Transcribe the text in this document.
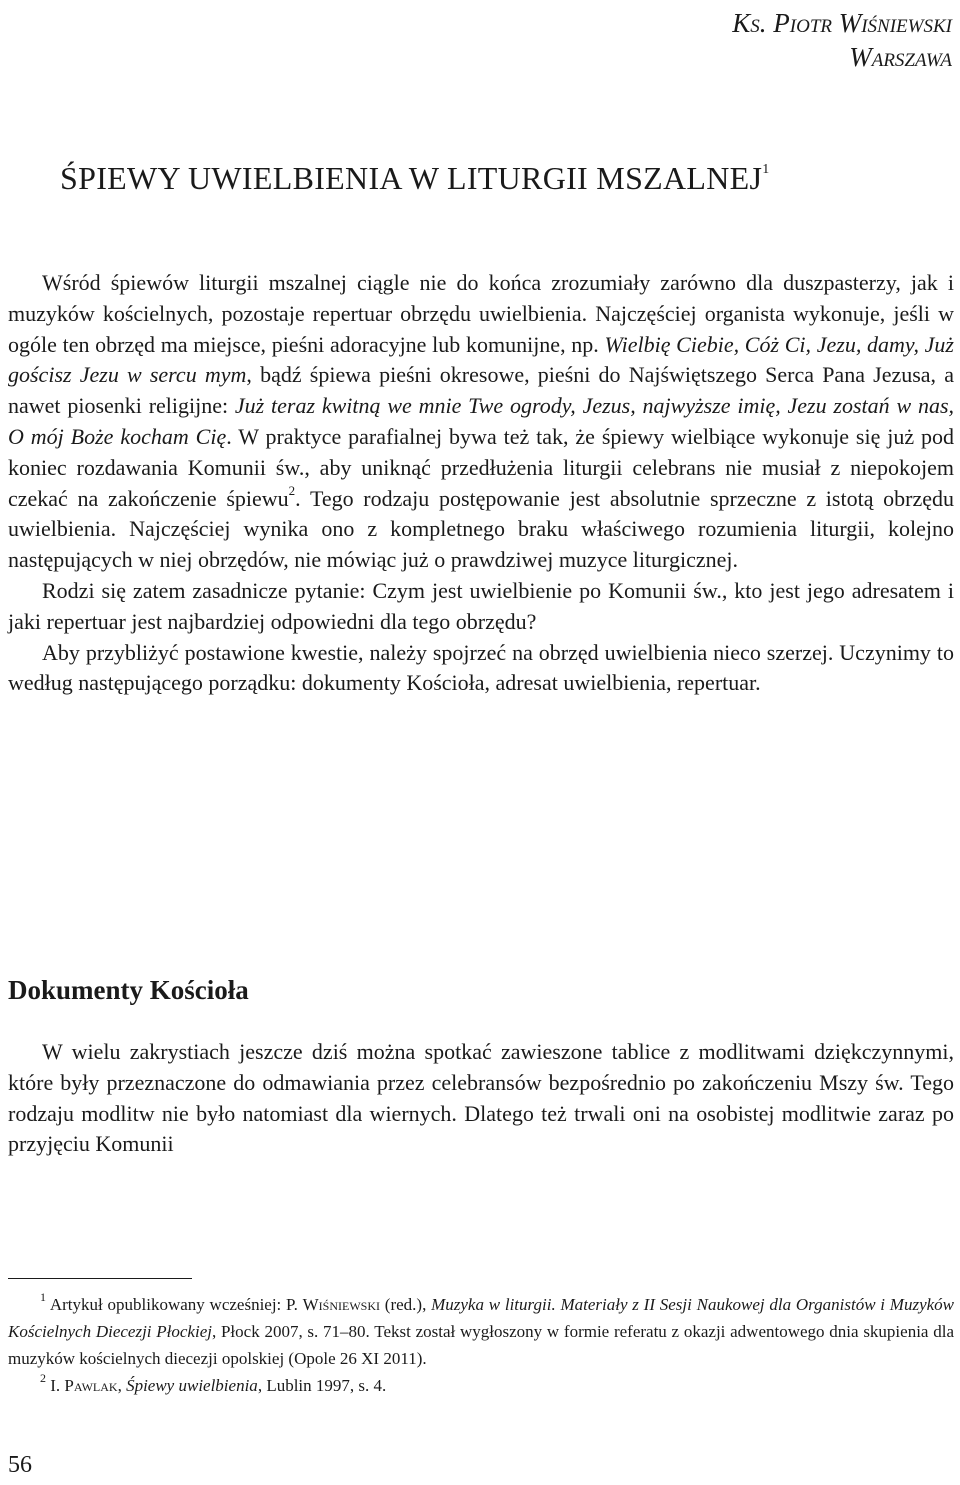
Ks. Piotr Wiśniewski
Warszawa
ŚPIEWY UWIELBIENIA W LITURGII MSZALNEJ$^1$

Wśród śpiewów liturgii mszalnej ciągle nie do końca zrozumiały zarówno dla duszpasterzy, jak i muzyków kościelnych, pozostaje repertuar obrzędu uwielbienia. Najczęściej organista wykonuje, jeśli w ogóle ten obrzęd ma miejsce, pieśni adoracyjne lub komunijne, np. Wielbię Ciebie, Cóż Ci, Jezu, damy, Już gościsz Jezu w sercu mym, bądź śpiewa pieśni okresowe, pieśni do Najświętszego Serca Pana Jezusa, a nawet piosenki religijne: Już teraz kwitną we mnie Twe ogrody, Jezus, najwyższe imię, Jezu zostań w nas, O mój Boże kocham Cię. W praktyce parafialnej bywa też tak, że śpiewy wielbiące wykonuje się już pod koniec rozdawania Komunii św., aby uniknąć przedłużenia liturgii celebrans nie musiał z niepokojem czekać na zakończenie śpiewu$^2$. Tego rodzaju postępowanie jest absolutnie sprzeczne z istotą obrzędu uwielbienia. Najczęściej wynika ono z kompletnego braku właściwego rozumienia liturgii, kolejno następujących w niej obrzędów, nie mówiąc już o prawdziwej muzyce liturgicznej.

Rodzi się zatem zasadnicze pytanie: Czym jest uwielbienie po Komunii św., kto jest jego adresatem i jaki repertuar jest najbardziej odpowiedni dla tego obrzędu?

Aby przybliżyć postawione kwestie, należy spojrzeć na obrzęd uwielbienia nieco szerzej. Uczynimy to według następującego porządku: dokumenty Kościoła, adresat uwielbienia, repertuar.

Dokumenty Kościoła

W wielu zakrystiach jeszcze dziś można spotkać zawieszone tablice z modlitwami dziękczynnymi, które były przeznaczone do odmawiania przez celebransów bezpośrednio po zakończeniu Mszy św. Tego rodzaju modlitw nie było natomiast dla wiernych. Dlatego też trwali oni na osobistej modlitwie zaraz po przyjęciu Komunii

$^1$ Artykuł opublikowany wcześniej: P. Wiśniewski (red.), Muzyka w liturgii. Materiały z II Sesji Naukowej dla Organistów i Muzyków Kościelnych Diecezji Płockiej, Płock 2007, s. 71–80. Tekst został wygłoszony w formie referatu z okazji adwentowego dnia skupienia dla muzyków kościelnych diecezji opolskiej (Opole 26 XI 2011).

$^2$ I. Pawlak, Śpiewy uwielbienia, Lublin 1997, s. 4.

56
